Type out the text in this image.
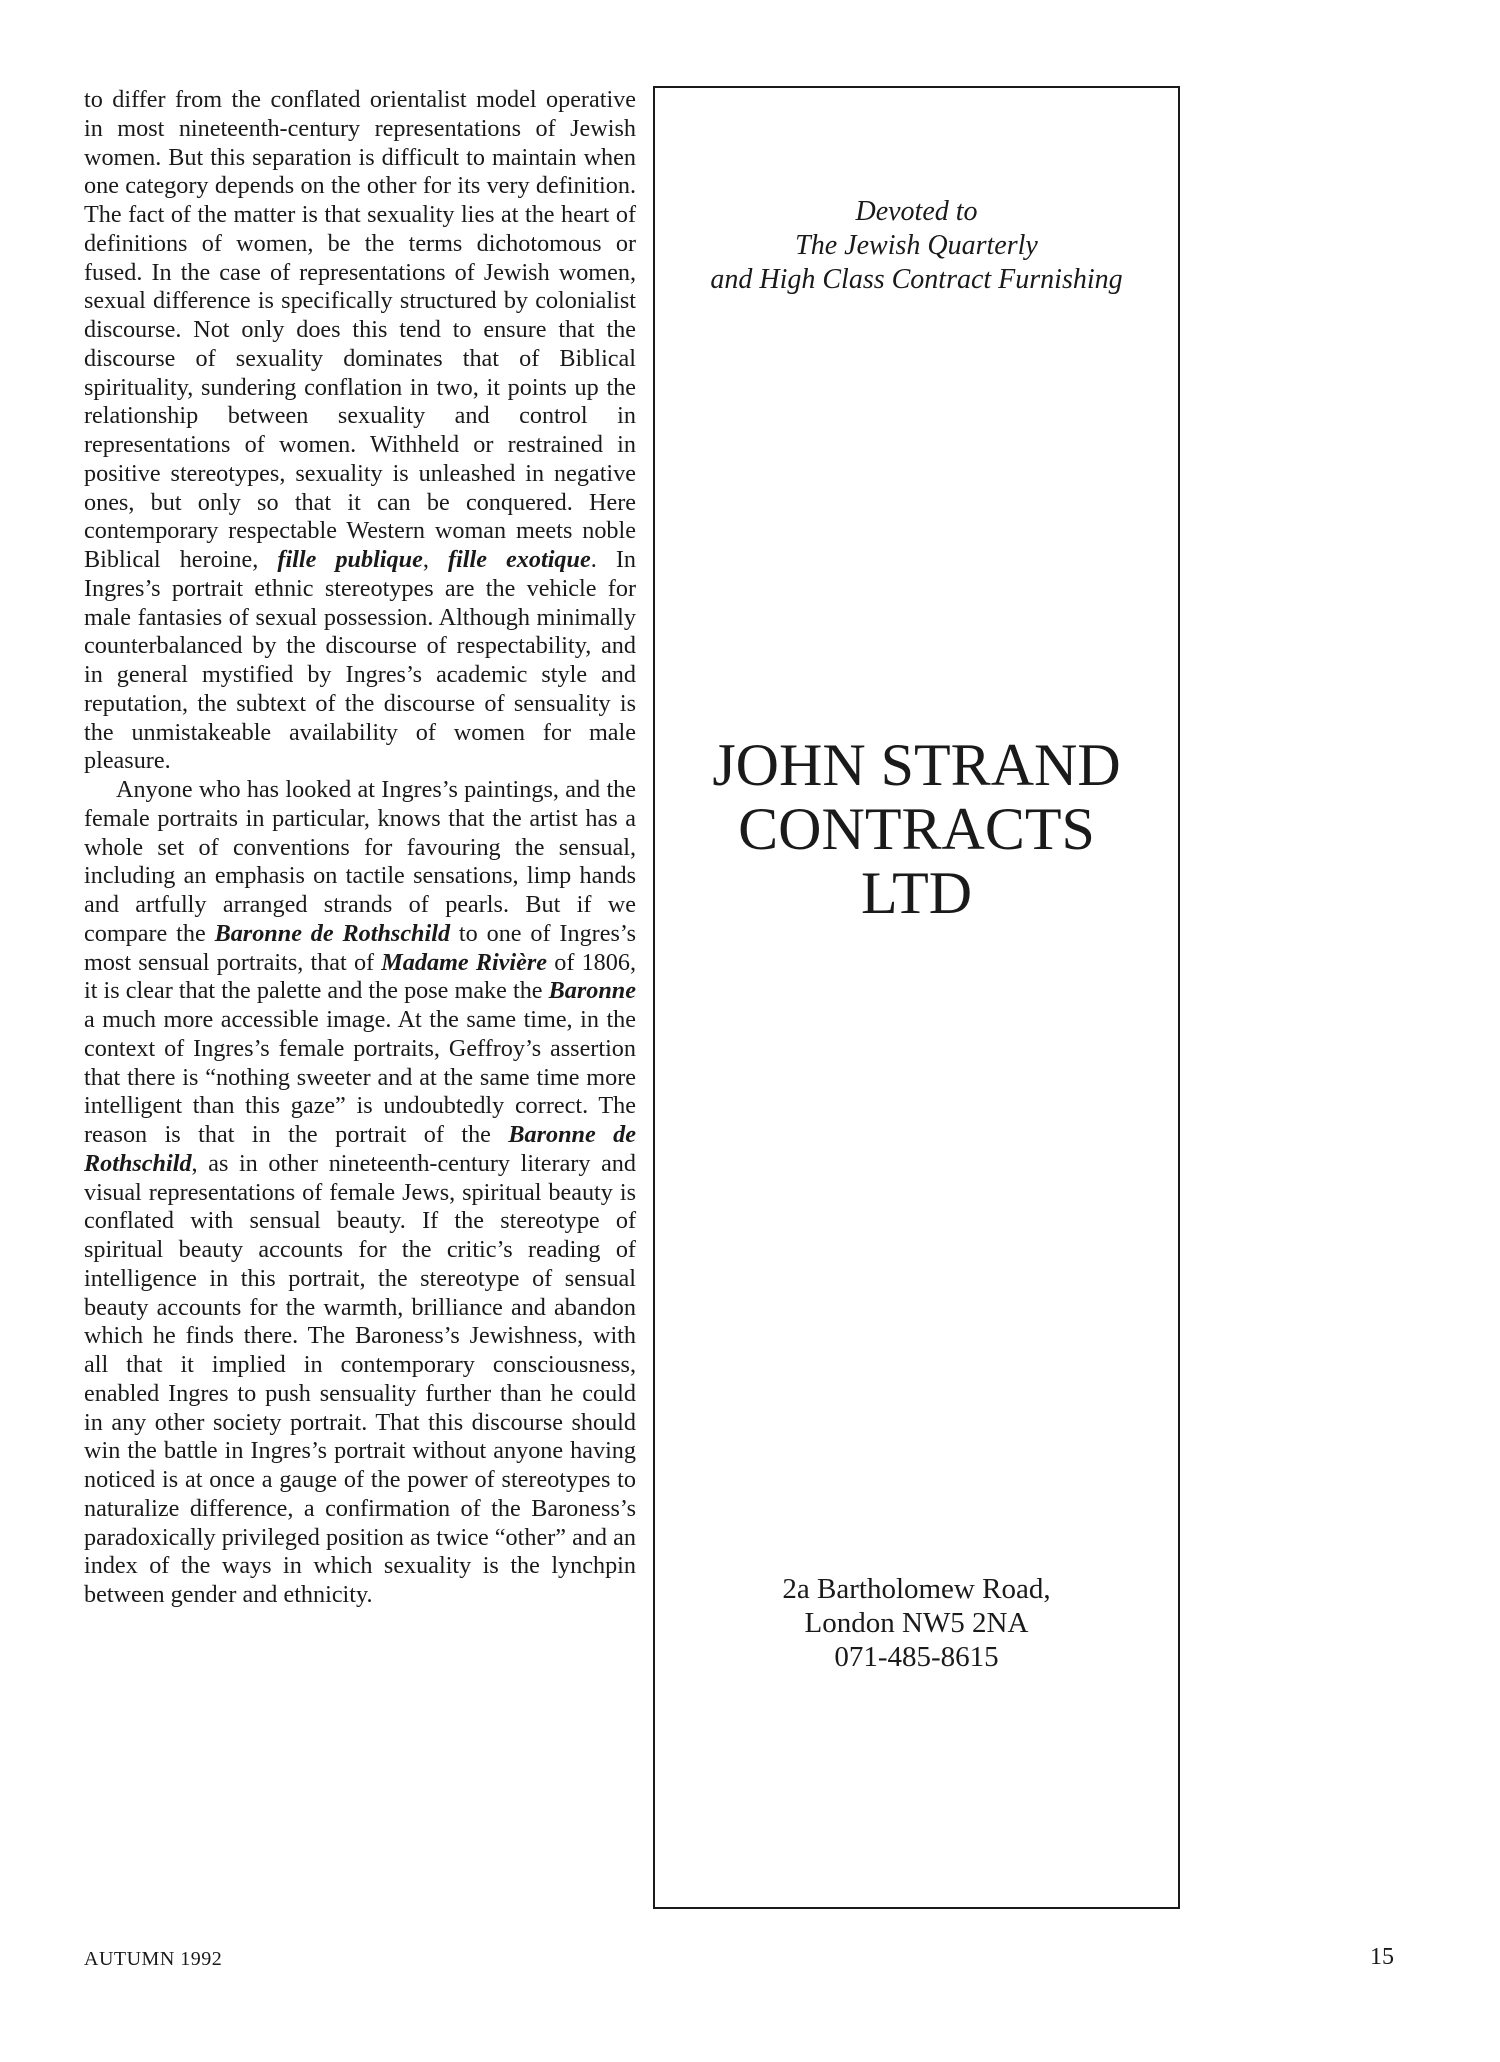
to differ from the conflated orientalist model operative in most nineteenth-century representations of Jewish women. But this separation is difficult to maintain when one category depends on the other for its very definition. The fact of the matter is that sexuality lies at the heart of definitions of women, be the terms dichotomous or fused. In the case of representations of Jewish women, sexual difference is specifically structured by colonialist discourse. Not only does this tend to ensure that the discourse of sexuality dominates that of Biblical spirituality, sundering conflation in two, it points up the relationship between sexuality and control in representations of women. Withheld or restrained in positive stereotypes, sexuality is unleashed in negative ones, but only so that it can be conquered. Here contemporary respectable Western woman meets noble Biblical heroine, fille publique, fille exotique. In Ingres’s portrait ethnic stereotypes are the vehicle for male fantasies of sexual possession. Although minimally counterbalanced by the discourse of respectability, and in general mystified by Ingres’s academic style and reputation, the subtext of the discourse of sensuality is the unmistakeable availability of women for male pleasure.

Anyone who has looked at Ingres’s paintings, and the female portraits in particular, knows that the artist has a whole set of conventions for favouring the sensual, including an emphasis on tactile sensations, limp hands and artfully arranged strands of pearls. But if we compare the Baronne de Rothschild to one of Ingres’s most sensual portraits, that of Madame Rivière of 1806, it is clear that the palette and the pose make the Baronne a much more accessible image. At the same time, in the context of Ingres’s female portraits, Geffroy’s assertion that there is “nothing sweeter and at the same time more intelligent than this gaze” is undoubtedly correct. The reason is that in the portrait of the Baronne de Rothschild, as in other nineteenth-century literary and visual representations of female Jews, spiritual beauty is conflated with sensual beauty. If the stereotype of spiritual beauty accounts for the critic’s reading of intelligence in this portrait, the stereotype of sensual beauty accounts for the warmth, brilliance and abandon which he finds there. The Baroness’s Jewishness, with all that it implied in contemporary consciousness, enabled Ingres to push sensuality further than he could in any other society portrait. That this discourse should win the battle in Ingres’s portrait without anyone having noticed is at once a gauge of the power of stereotypes to naturalize difference, a confirmation of the Baroness’s paradoxically privileged position as twice “other” and an index of the ways in which sexuality is the lynchpin between gender and ethnicity.

Devoted to
The Jewish Quarterly
and High Class Contract Furnishing
JOHN STRAND
CONTRACTS
LTD
2a Bartholomew Road,
London NW5 2NA
071-485-8615
AUTUMN 1992	15
